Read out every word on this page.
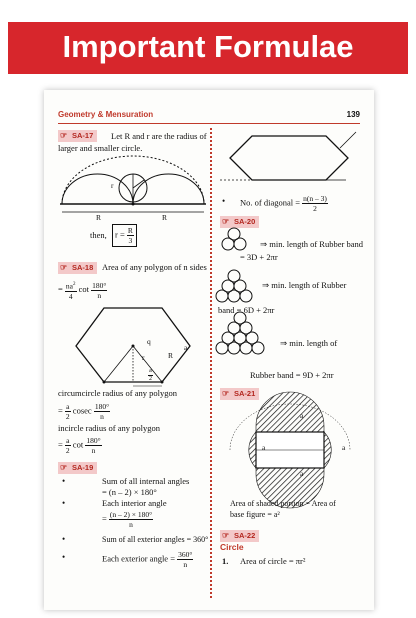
Important Formulae
Geometry & Mensuration	139
☞ SA-17	Let R and r are the radius of
larger and smaller circle.
r
R	R
then, $r = \frac{R}{3}$
☞ SA-18	Area of any polygon of n sides
= $\frac{na^2}{4}$ $\cot \frac{180^\circ}{n}$
q
r	R
a
$\frac{a}{2}$
circumcircle radius of any polygon
= $\frac{a}{2}$ cosec $\frac{180^\circ}{n}$
incircle radius of any polygon
= $\frac{a}{2}$ $\cot \frac{180^\circ}{n}$
☞ SA-19
•	Sum of all internal angles
= (n – 2) × 180°
•	Each interior angle
= $\frac{(n - 2) \times 180^\circ}{n}$
•	Sum of all exterior angles = 360°
•	Each exterior angle = $\frac{360^\circ}{n}$
• No. of diagonal = $\frac{n(n - 3)}{2}$
☞ SA-20
⇒ min. length of Rubber band
= 3D + 2πr
⇒ min. length of Rubber
band = 6D + 2πr
⇒ min. length of
Rubber band = 9D + 2πr
☞ SA-21
a
a	a
a
Area of shaded portion = Area of
base figure = a²
☞ SA-22
Circle
1. Area of circle = πr²
